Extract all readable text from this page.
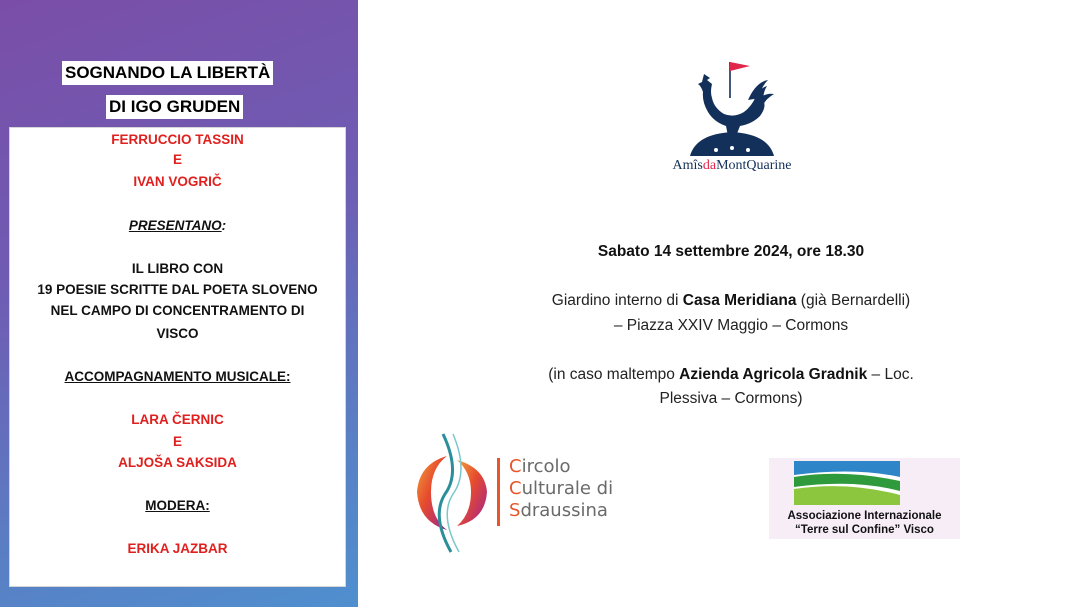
SOGNANDO LA LIBERTÀ
DI IGO GRUDEN
FERRUCCIO TASSIN
E
IVAN VOGRIČ
PRESENTANO:
IL LIBRO CON
19 POESIE SCRITTE DAL POETA SLOVENO
NEL CAMPO DI CONCENTRAMENTO DI
VISCO
ACCOMPAGNAMENTO MUSICALE:
LARA ČERNIC
E
ALJOŠA SAKSIDA
MODERA:
ERIKA JAZBAR
AmîsdaMontQuarine
Sabato 14 settembre 2024, ore 18.30
Giardino interno di Casa Meridiana (già Bernardelli)
– Piazza XXIV Maggio – Cormons
(in caso maltempo Azienda Agricola Gradnik – Loc.
Plessiva – Cormons)
Circolo
Culturale di
Sdraussina	Associazione Internazionale
“Terre sul Confine” Visco
